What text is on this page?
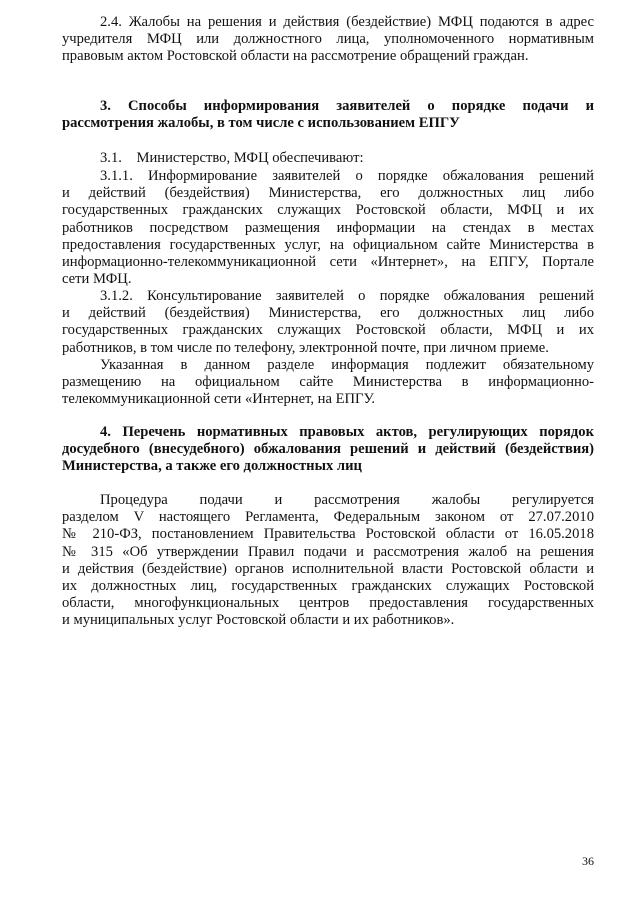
2.4. Жалобы на решения и действия (бездействие) МФЦ подаются в адрес
учредителя МФЦ или должностного лица, уполномоченного нормативным
правовым актом Ростовской области на рассмотрение обращений граждан.
3. Способы информирования заявителей о порядке подачи и
рассмотрения жалобы, в том числе с использованием ЕПГУ
3.1.    Министерство, МФЦ обеспечивают:
3.1.1. Информирование заявителей о порядке обжалования решений
и действий (бездействия) Министерства, его должностных лиц либо
государственных гражданских служащих Ростовской области, МФЦ и их
работников посредством размещения информации на стендах в местах
предоставления государственных услуг, на официальном сайте Министерства в
информационно-телекоммуникационной сети «Интернет», на ЕПГУ, Портале
сети МФЦ.
3.1.2. Консультирование заявителей о порядке обжалования решений
и действий (бездействия) Министерства, его должностных лиц либо
государственных гражданских служащих Ростовской области, МФЦ и их
работников, в том числе по телефону, электронной почте, при личном приеме.
Указанная в данном разделе информация подлежит обязательному
размещению на официальном сайте Министерства в информационно-
телекоммуникационной сети «Интернет, на ЕПГУ.
4. Перечень нормативных правовых актов, регулирующих порядок
досудебного (внесудебного) обжалования решений и действий (бездействия)
Министерства, а также его должностных лиц
Процедура подачи и рассмотрения жалобы регулируется
разделом V настоящего Регламента, Федеральным законом от 27.07.2010
№ 210-ФЗ, постановлением Правительства Ростовской области от 16.05.2018
№ 315 «Об утверждении Правил подачи и рассмотрения жалоб на решения
и действия (бездействие) органов исполнительной власти Ростовской области и
их должностных лиц, государственных гражданских служащих Ростовской
области, многофункциональных центров предоставления государственных
и муниципальных услуг Ростовской области и их работников».
36
